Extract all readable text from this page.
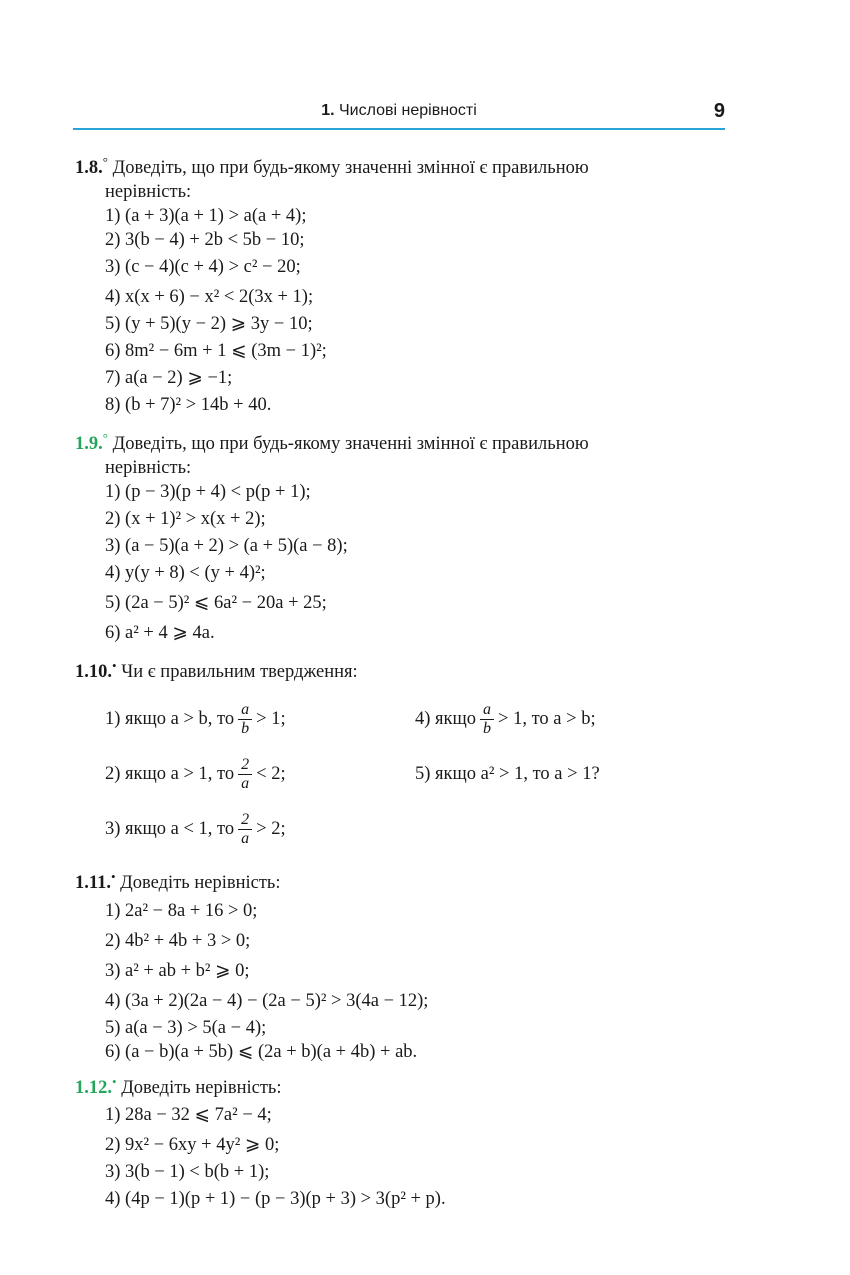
1. Числові нерівності	9
1.8.° Доведіть, що при будь-якому значенні змінної є правильною
нерівність:
1) (a + 3)(a + 1) > a(a + 4);
2) 3(b − 4) + 2b < 5b − 10;
3) (c − 4)(c + 4) > c² − 20;
4) x(x + 6) − x² < 2(3x + 1);
5) (y + 5)(y − 2) ⩾ 3y − 10;
6) 8m² − 6m + 1 ⩽ (3m − 1)²;
7) a(a − 2) ⩾ −1;
8) (b + 7)² > 14b + 40.
1.9.° Доведіть, що при будь-якому значенні змінної є правильною
нерівність:
1) (p − 3)(p + 4) < p(p + 1);
2) (x + 1)² > x(x + 2);
3) (a − 5)(a + 2) > (a + 5)(a − 8);
4) y(y + 8) < (y + 4)²;
5) (2a − 5)² ⩽ 6a² − 20a + 25;
6) a² + 4 ⩾ 4a.
1.10.• Чи є правильним твердження:
1) якщо a > b, то $\frac{a}{b} > 1$;
2) якщо a > 1, то $\frac{2}{a} < 2$;
3) якщо a < 1, то $\frac{2}{a} > 2$;
4) якщо $\frac{a}{b} > 1$, то a > b;
5) якщо a² > 1, то a > 1?
1.11.• Доведіть нерівність:
1) 2a² − 8a + 16 > 0;
2) 4b² + 4b + 3 > 0;
3) a² + ab + b² ⩾ 0;
4) (3a + 2)(2a − 4) − (2a − 5)² > 3(4a − 12);
5) a(a − 3) > 5(a − 4);
6) (a − b)(a + 5b) ⩽ (2a + b)(a + 4b) + ab.
1.12.• Доведіть нерівність:
1) 28a − 32 ⩽ 7a² − 4;
2) 9x² − 6xy + 4y² ⩾ 0;
3) 3(b − 1) < b(b + 1);
4) (4p − 1)(p + 1) − (p − 3)(p + 3) > 3(p² + p).
